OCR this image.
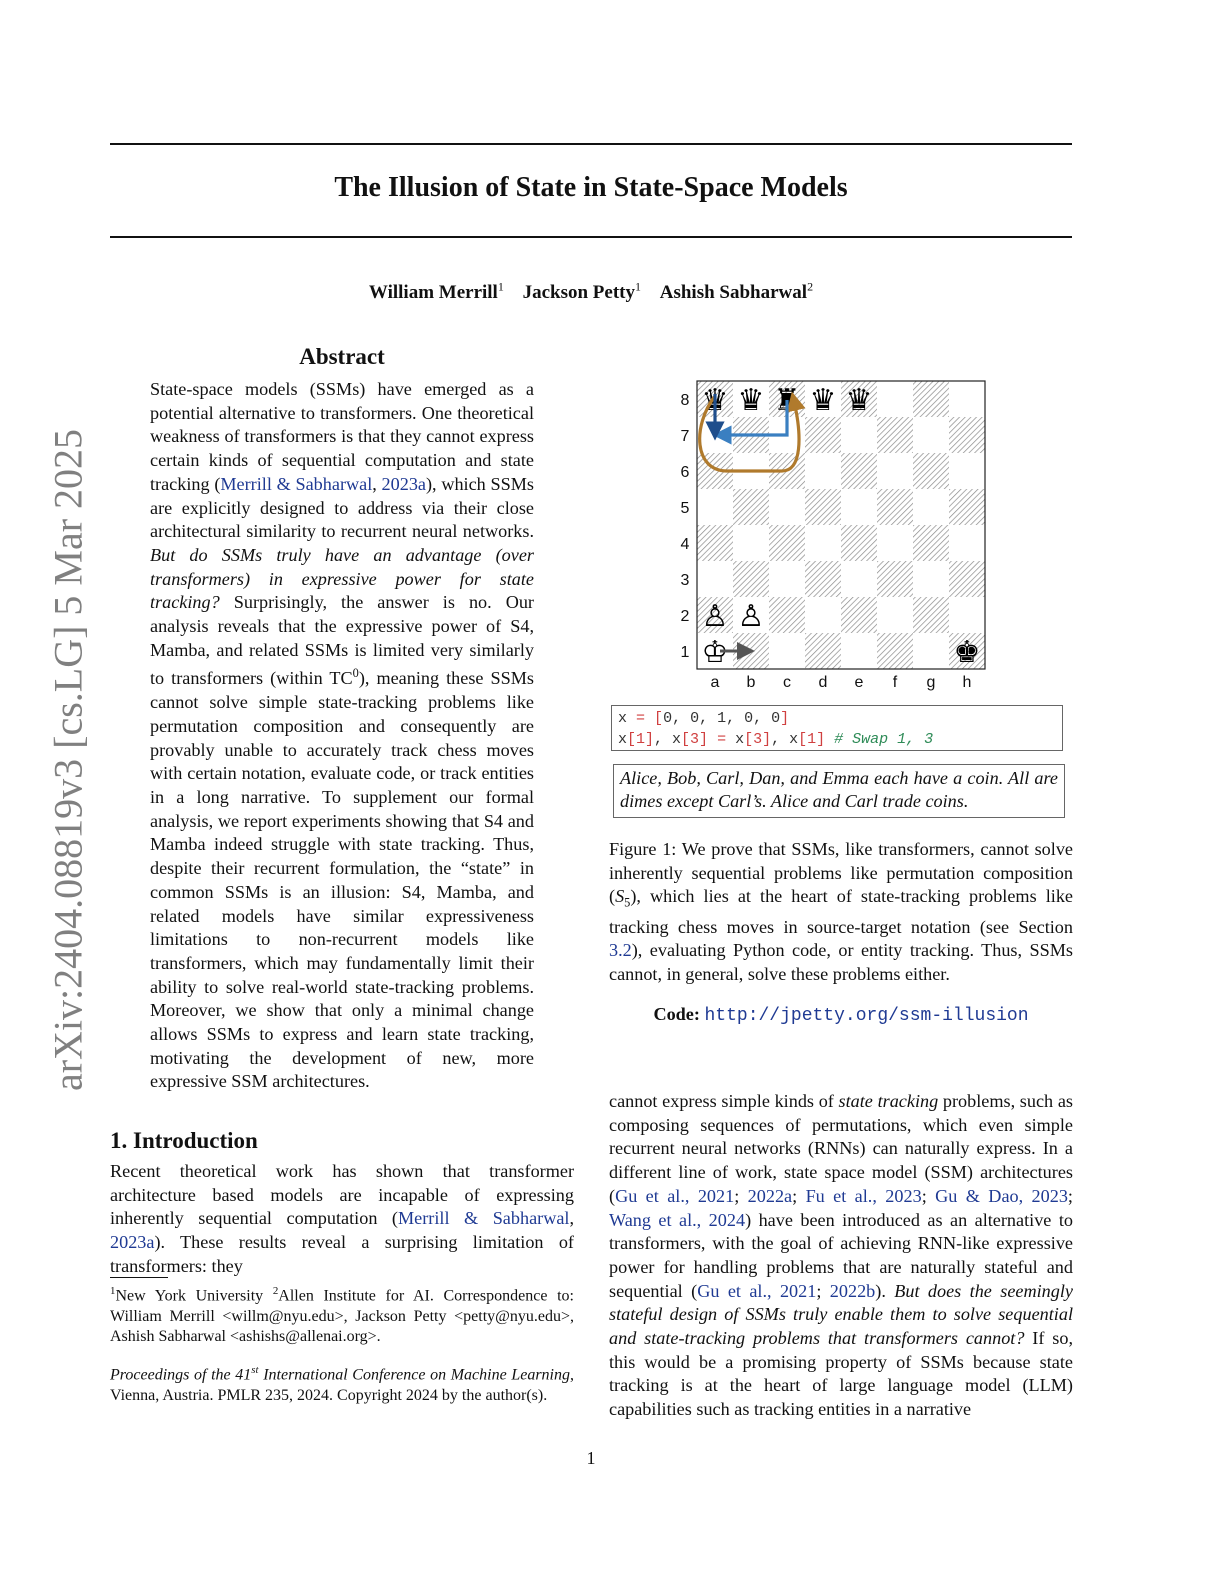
arXiv:2404.08819v3 [cs.LG] 5 Mar 2025
The Illusion of State in State-Space Models
William Merrill$^1$ Jackson Petty$^1$ Ashish Sabharwal$^2$
Abstract
State-space models (SSMs) have emerged as a potential alternative to transformers. One theoretical weakness of transformers is that they cannot express certain kinds of sequential computation and state tracking (Merrill & Sabharwal, 2023a), which SSMs are explicitly designed to address via their close architectural similarity to recurrent neural networks. But do SSMs truly have an advantage (over transformers) in expressive power for state tracking? Surprisingly, the answer is no. Our analysis reveals that the expressive power of S4, Mamba, and related SSMs is limited very similarly to transformers (within $TC^0$), meaning these SSMs cannot solve simple state-tracking problems like permutation composition and consequently are provably unable to accurately track chess moves with certain notation, evaluate code, or track entities in a long narrative. To supplement our formal analysis, we report experiments showing that S4 and Mamba indeed struggle with state tracking. Thus, despite their recurrent formulation, the “state” in common SSMs is an illusion: S4, Mamba, and related models have similar expressiveness limitations to non-recurrent models like transformers, which may fundamentally limit their ability to solve real-world state-tracking problems. Moreover, we show that only a minimal change allows SSMs to express and learn state tracking, motivating the development of new, more expressive SSM architectures.
1. Introduction
Recent theoretical work has shown that transformer architecture based models are incapable of expressing inherently sequential computation (Merrill & Sabharwal, 2023a). These results reveal a surprising limitation of transformers: they
$^1$New York University $^2$Allen Institute for AI. Correspondence to: William Merrill <willm@nyu.edu>, Jackson Petty <petty@nyu.edu>, Ashish Sabharwal <ashishs@allenai.org>.
Proceedings of the 41st International Conference on Machine Learning, Vienna, Austria. PMLR 235, 2024. Copyright 2024 by the author(s).
♛ ♛ ♜ ♛ ♛
♙ ♙
♔	♚
8
7
6
5
4
3
2
1
a b c d e f g h
x = [0, 0, 1, 0, 0]
x[1], x[3] = x[3], x[1] # Swap 1, 3
Alice, Bob, Carl, Dan, and Emma each have a coin. All are dimes except Carl’s. Alice and Carl trade coins.
Figure 1: We prove that SSMs, like transformers, cannot solve inherently sequential problems like permutation composition $(S_5)$, which lies at the heart of state-tracking problems like tracking chess moves in source-target notation (see Section 3.2), evaluating Python code, or entity tracking. Thus, SSMs cannot, in general, solve these problems either.
Code: http://jpetty.org/ssm-illusion
cannot express simple kinds of state tracking problems, such as composing sequences of permutations, which even simple recurrent neural networks (RNNs) can naturally express. In a different line of work, state space model (SSM) architectures (Gu et al., 2021; 2022a; Fu et al., 2023; Gu & Dao, 2023; Wang et al., 2024) have been introduced as an alternative to transformers, with the goal of achieving RNN-like expressive power for handling problems that are naturally stateful and sequential (Gu et al., 2021; 2022b). But does the seemingly stateful design of SSMs truly enable them to solve sequential and state-tracking problems that transformers cannot? If so, this would be a promising property of SSMs because state tracking is at the heart of large language model (LLM) capabilities such as tracking entities in a narrative
1
